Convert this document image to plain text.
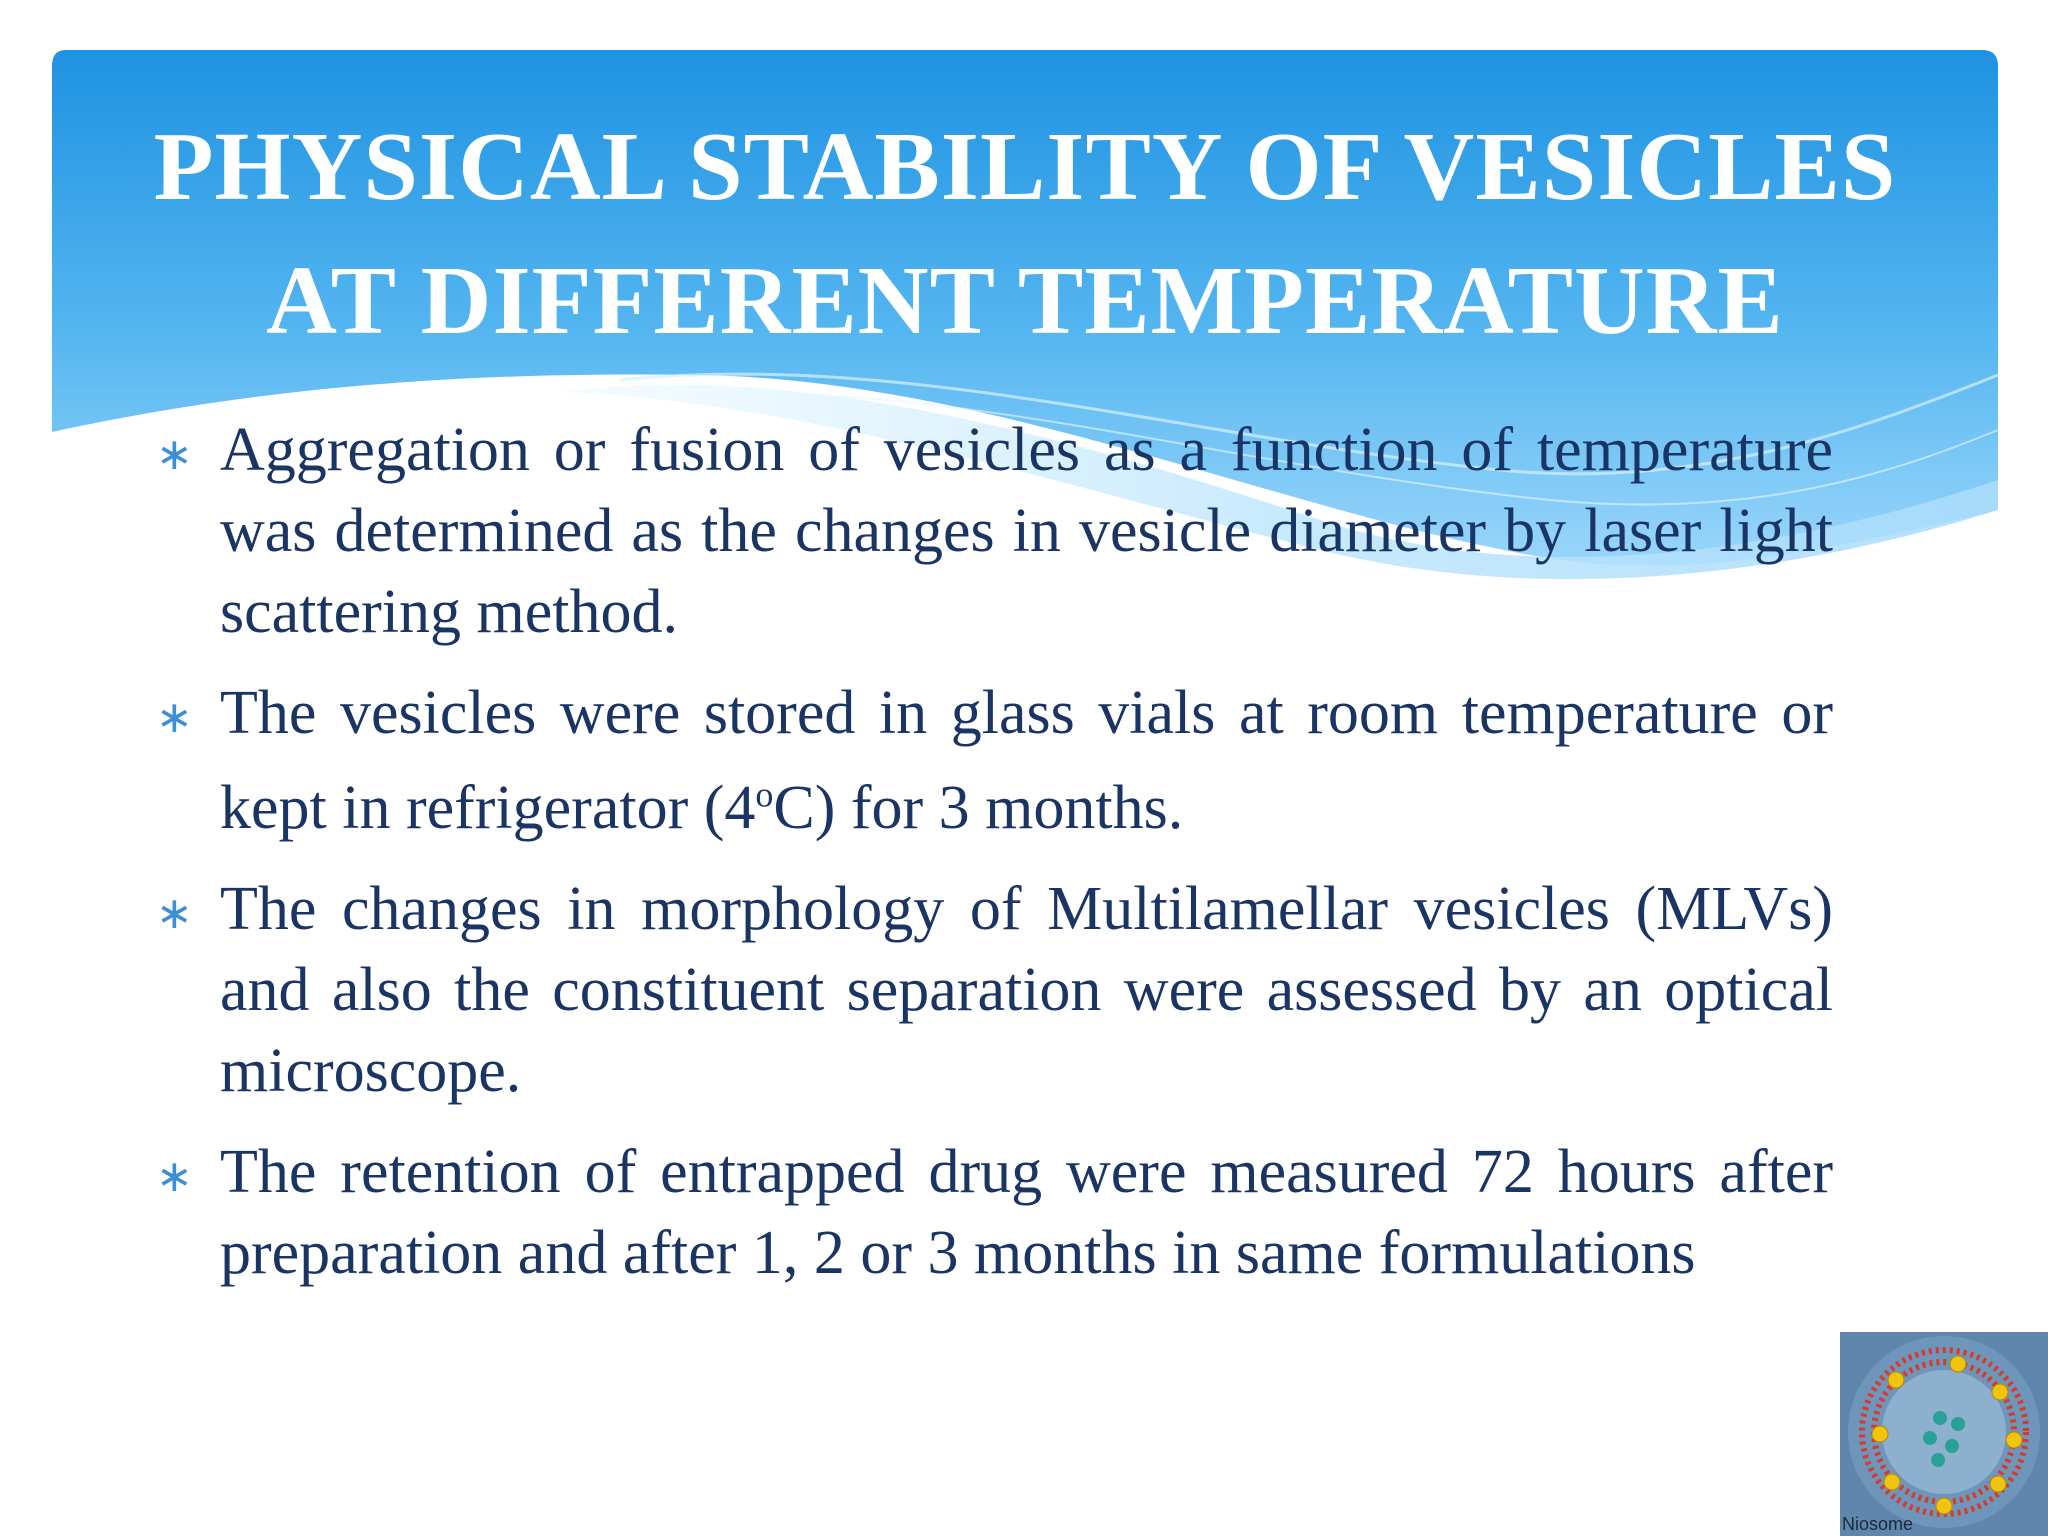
PHYSICAL STABILITY OF VESICLES
AT DIFFERENT TEMPERATURE
∗ Aggregation or fusion of vesicles as a function of temperature was determined as the changes in vesicle diameter by laser light scattering method.
∗ The vesicles were stored in glass vials at room temperature or kept in refrigerator (4$^o$C) for 3 months.
∗ The changes in morphology of Multilamellar vesicles (MLVs) and also the constituent separation were assessed by an optical microscope.
∗ The retention of entrapped drug were measured 72 hours after preparation and after 1, 2 or 3 months in same formulations
Niosome
